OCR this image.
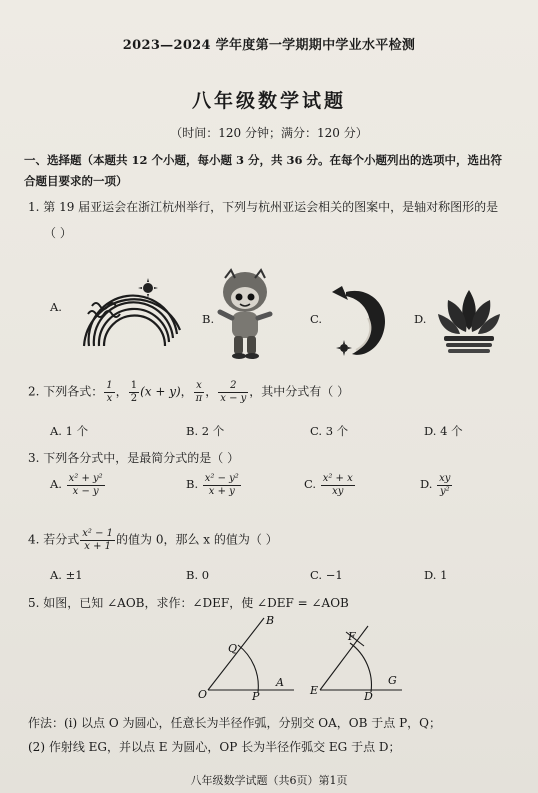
2023—2024 学年度第一学期期中学业水平检测
八年级数学试题
（时间：120 分钟；满分：120 分）
一、选择题（本题共 12 个小题，每小题 3 分，共 36 分。在每个小题列出的选项中，选出符
合题目要求的一项）
1. 第 19 届亚运会在浙江杭州举行，下列与杭州亚运会相关的图案中，是轴对称图形的是
（ ）
A.
B.	C.	D.
2. 下列各式： $\frac{1}{x}$ ， $\frac{1}{2} (x + y)$， $\frac{x}{\pi}$ ， $\frac{2}{x - y}$ ，其中分式有（ ）
A. 1 个	B. 2 个	C. 3 个	D. 4 个
3. 下列各分式中，是最简分式的是（ ）
A. $\frac{\text{x² + y²}}{x - y}$	B. $\frac{\text{x² − y²}}{x + y}$	C. $\frac{\text{x² + x}}{xy}$	D. $\frac{xy}{\text{y²}}$
4. 若分式 $\frac{\text{x² − 1}}{x + 1}$ 的值为 0，那么 x 的值为（ ）
A. ±1	B. 0	C. −1	D. 1
5. 如图，已知 ∠AOB，求作：∠DEF，使 ∠DEF = ∠AOB
B
Q
O	P
A
F
E	D
G
作法：(ⅰ) 以点 O 为圆心，任意长为半径作弧，分别交 OA，OB 于点 P，Q；
(2) 作射线 EG，并以点 E 为圆心，OP 长为半径作弧交 EG 于点 D；
八年级数学试题（共6页）第1页
